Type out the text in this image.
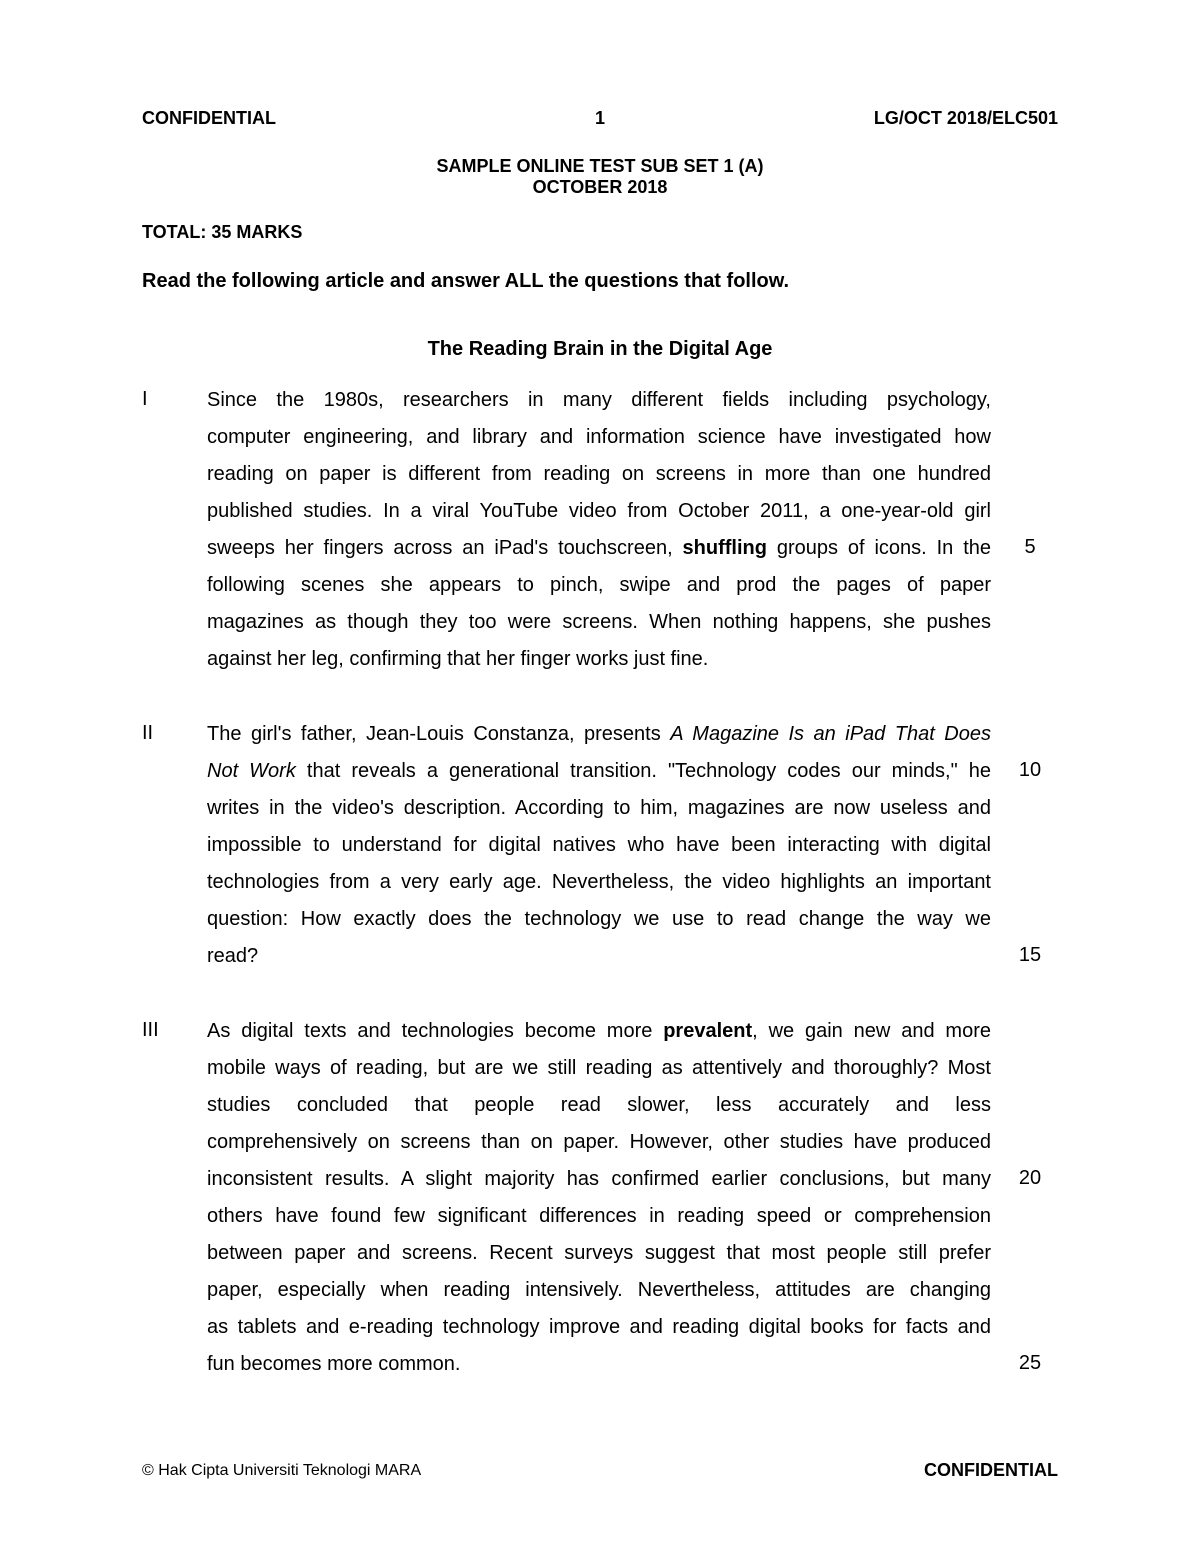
CONFIDENTIAL	1	LG/OCT 2018/ELC501
SAMPLE ONLINE TEST SUB SET 1 (A)
OCTOBER 2018
TOTAL: 35 MARKS
Read the following article and answer ALL the questions that follow.
The Reading Brain in the Digital Age
I	Since the 1980s, researchers in many different fields including psychology,
computer engineering, and library and information science have investigated how
reading on paper is different from reading on screens in more than one hundred
published studies. In a viral YouTube video from October 2011, a one-year-old girl
sweeps her fingers across an iPad's touchscreen, shuffling groups of icons. In the	5
following scenes she appears to pinch, swipe and prod the pages of paper
magazines as though they too were screens. When nothing happens, she pushes
against her leg, confirming that her finger works just fine.
II	The girl's father, Jean-Louis Constanza, presents A Magazine Is an iPad That Does
Not Work that reveals a generational transition. "Technology codes our minds," he	10
writes in the video's description. According to him, magazines are now useless and
impossible to understand for digital natives who have been interacting with digital
technologies from a very early age. Nevertheless, the video highlights an important
question: How exactly does the technology we use to read change the way we
read?	15
III	As digital texts and technologies become more prevalent, we gain new and more
mobile ways of reading, but are we still reading as attentively and thoroughly? Most
studies concluded that people read slower, less accurately and less
comprehensively on screens than on paper. However, other studies have produced
inconsistent results. A slight majority has confirmed earlier conclusions, but many	20
others have found few significant differences in reading speed or comprehension
between paper and screens. Recent surveys suggest that most people still prefer
paper, especially when reading intensively. Nevertheless, attitudes are changing
as tablets and e-reading technology improve and reading digital books for facts and
fun becomes more common.	25
© Hak Cipta Universiti Teknologi MARA	CONFIDENTIAL
